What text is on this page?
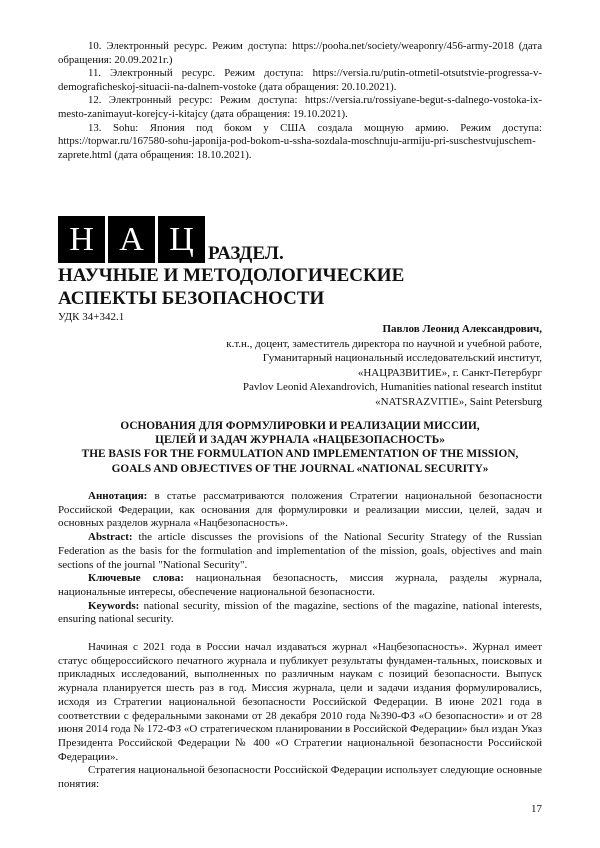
10. Электронный ресурс. Режим доступа: https://pooha.net/society/weaponry/456-army-2018 (дата обращения: 20.09.2021г.)

11. Электронный ресурс. Режим доступа: https://versia.ru/putin-otmetil-otsutstvie-progressa-v-demograficheskoj-situacii-na-dalnem-vostoke (дата обращения: 20.10.2021).

12. Электронный ресурс: Режим доступа: https://versia.ru/rossiyane-begut-s-dalnego-vostoka-ix-mesto-zanimayut-korejcy-i-kitajcy (дата обращения: 19.10.2021).

13. Sohu: Япония под боком у США создала мощную армию. Режим доступа: https://topwar.ru/167580-sohu-japonija-pod-bokom-u-ssha-sozdala-moschnuju-armiju-pri-suschestvujuschem-zaprete.html (дата обращения: 18.10.2021).

Н А Ц РАЗДЕЛ.
НАУЧНЫЕ И МЕТОДОЛОГИЧЕСКИЕ
АСПЕКТЫ БЕЗОПАСНОСТИ
УДК 34+342.1
Павлов Леонид Александрович,
к.т.н., доцент, заместитель директора по научной и учебной работе,
Гуманитарный национальный исследовательский институт,
«НАЦРАЗВИТИЕ», г. Санкт-Петербург
Pavlov Leonid Alexandrovich, Humanities national research institut
«NATSRAZVITIE», Saint Petersburg
ОСНОВАНИЯ ДЛЯ ФОРМУЛИРОВКИ И РЕАЛИЗАЦИИ МИССИИ,
ЦЕЛЕЙ И ЗАДАЧ ЖУРНАЛА «НАЦБЕЗОПАСНОСТЬ»
THE BASIS FOR THE FORMULATION AND IMPLEMENTATION OF THE MISSION,
GOALS AND OBJECTIVES OF THE JOURNAL «NATIONAL SECURITY»

Аннотация: в статье рассматриваются положения Стратегии национальной безопасности Российской Федерации, как основания для формулировки и реализации миссии, целей, задач и основных разделов журнала «Нацбезопасность».

Abstract: the article discusses the provisions of the National Security Strategy of the Russian Federation as the basis for the formulation and implementation of the mission, goals, objectives and main sections of the journal "National Security".

Ключевые слова: национальная безопасность, миссия журнала, разделы журнала, национальные интересы, обеспечение национальной безопасности.

Keywords: national security, mission of the magazine, sections of the magazine, national interests, ensuring national security.

Начиная с 2021 года в России начал издаваться журнал «Нацбезопасность». Журнал имеет статус общероссийского печатного журнала и публикует результаты фундамен-тальных, поисковых и прикладных исследований, выполненных по различным наукам с позиций безопасности. Выпуск журнала планируется шесть раз в год. Миссия журнала, цели и задачи издания формулировались, исходя из Стратегии национальной безопасности Российской Федерации. В июне 2021 года в соответствии с федеральными законами от 28 декабря 2010 года №390-ФЗ «О безопасности» и от 28 июня 2014 года № 172-ФЗ «О стратегическом планировании в Российской Федерации» был издан Указ Президента Российской Федерации № 400 «О Стратегии национальной безопасности Российской Федерации».

Стратегия национальной безопасности Российской Федерации использует следующие основные понятия:

17
